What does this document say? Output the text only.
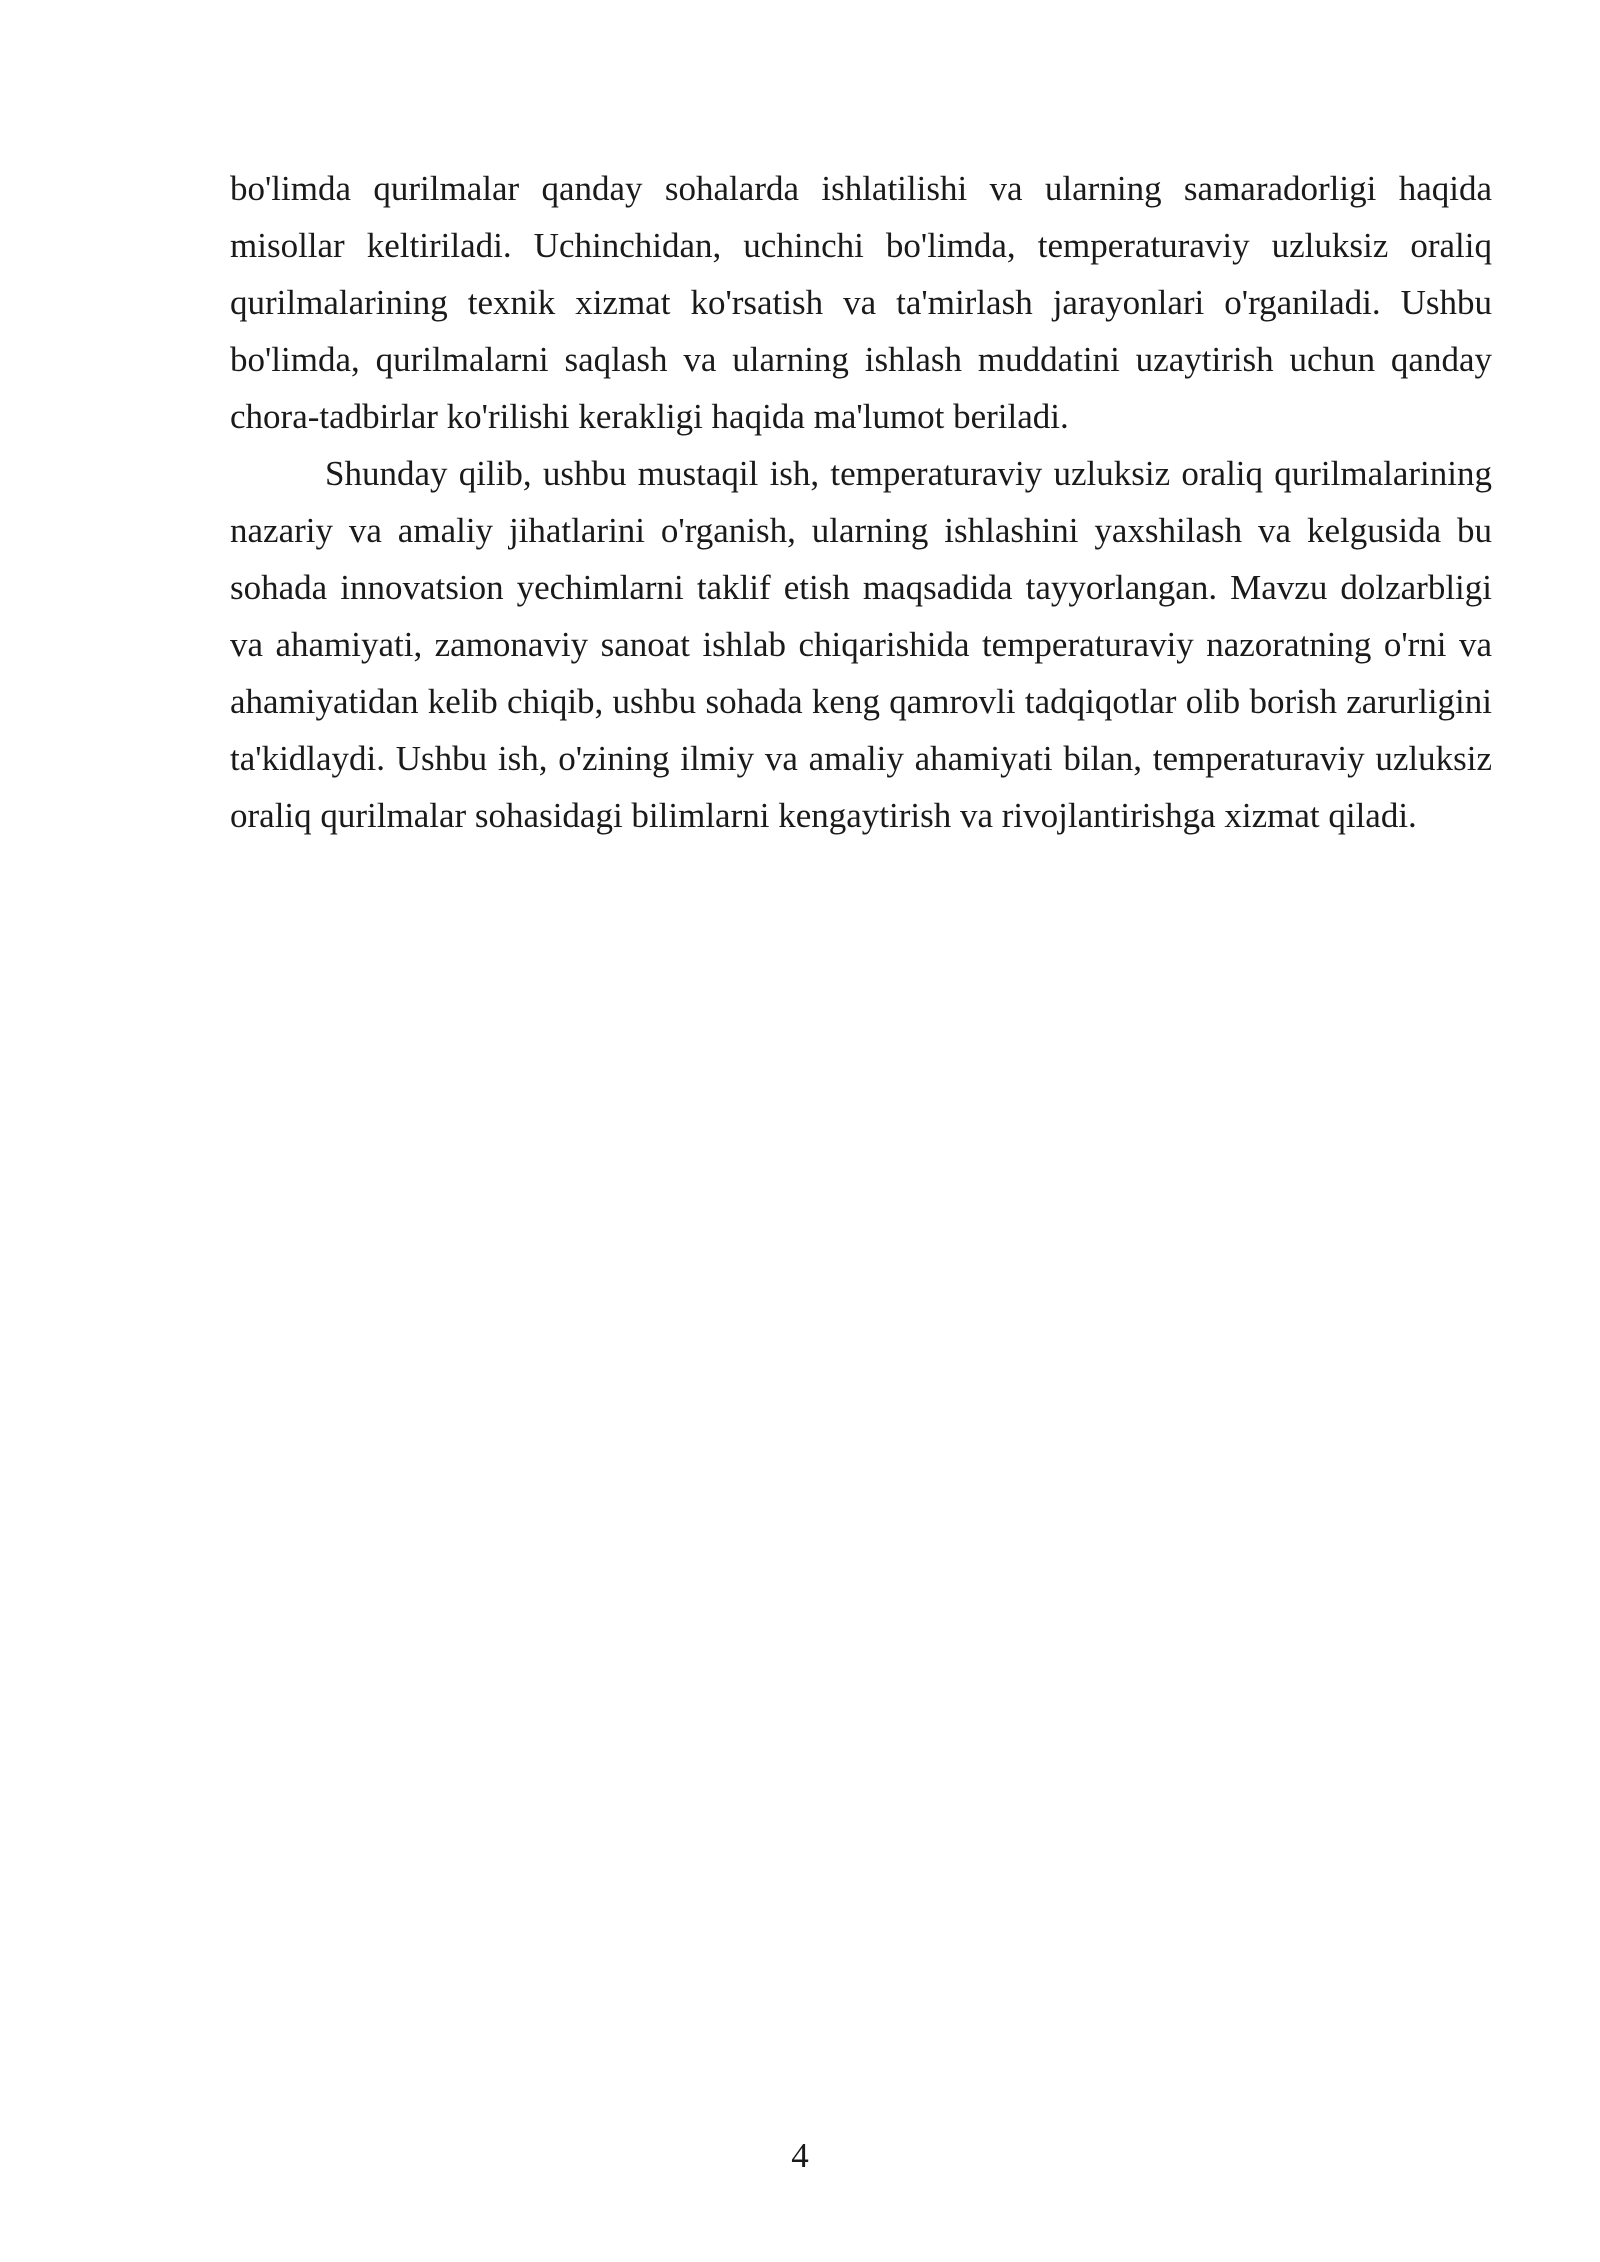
bo'limda qurilmalar qanday sohalarda ishlatilishi va ularning samaradorligi haqida misollar keltiriladi. Uchinchidan, uchinchi bo'limda, temperaturaviy uzluksiz oraliq qurilmalarining texnik xizmat ko'rsatish va ta'mirlash jarayonlari o'rganiladi. Ushbu bo'limda, qurilmalarni saqlash va ularning ishlash muddatini uzaytirish uchun qanday chora-tadbirlar ko'rilishi kerakligi haqida ma'lumot beriladi.

Shunday qilib, ushbu mustaqil ish, temperaturaviy uzluksiz oraliq qurilmalarining nazariy va amaliy jihatlarini o'rganish, ularning ishlashini yaxshilash va kelgusida bu sohada innovatsion yechimlarni taklif etish maqsadida tayyorlangan. Mavzu dolzarbligi va ahamiyati, zamonaviy sanoat ishlab chiqarishida temperaturaviy nazoratning o'rni va ahamiyatidan kelib chiqib, ushbu sohada keng qamrovli tadqiqotlar olib borish zarurligini ta'kidlaydi. Ushbu ish, o'zining ilmiy va amaliy ahamiyati bilan, temperaturaviy uzluksiz oraliq qurilmalar sohasidagi bilimlarni kengaytirish va rivojlantirishga xizmat qiladi.

4
